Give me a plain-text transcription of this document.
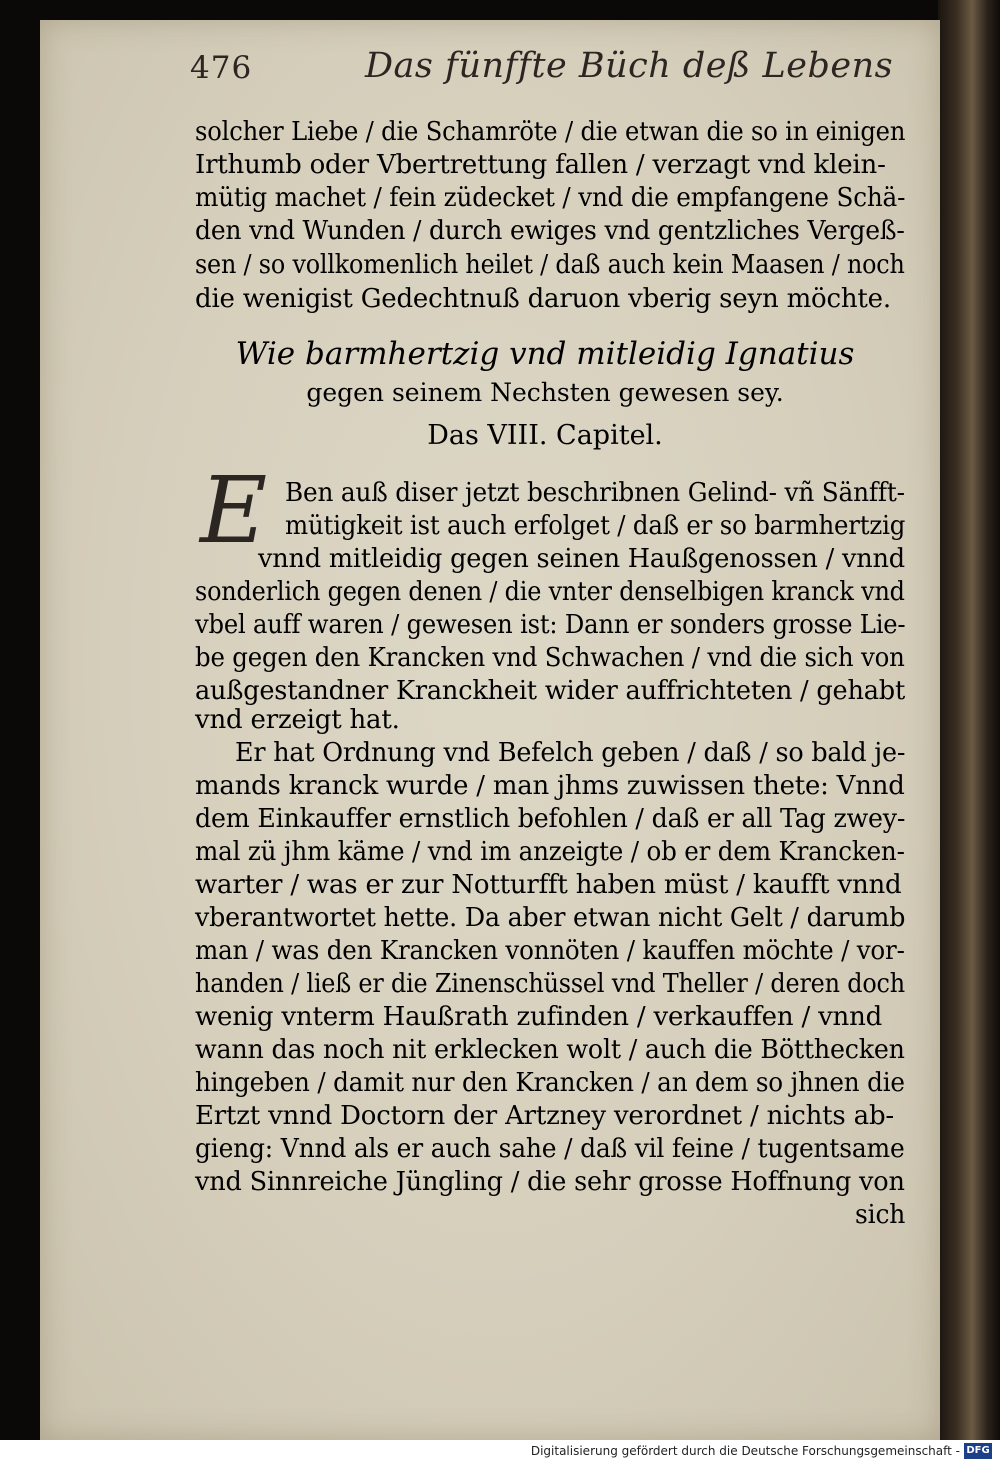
476	Das fünffte Büch deß Lebens
solcher Liebe / die Schamröte / die etwan die so in einigen
Irthumb oder Vbertrettung fallen / verzagt vnd klein-
mütig machet / fein züdecket / vnd die empfangene Schä-
den vnd Wunden / durch ewiges vnd gentzliches Vergeß-
sen / so vollkomenlich heilet / daß auch kein Maasen / noch
die wenigist Gedechtnuß daruon vberig seyn möchte.
Wie barmhertzig vnd mitleidig Ignatius
gegen seinem Nechsten gewesen sey.
Das VIII. Capitel.
E Ben auß diser jetzt beschribnen Gelind- vñ Sänfft-
mütigkeit ist auch erfolget / daß er so barmhertzig
vnnd mitleidig gegen seinen Haußgenossen / vnnd
sonderlich gegen denen / die vnter denselbigen kranck vnd
vbel auff waren / gewesen ist: Dann er sonders grosse Lie-
be gegen den Krancken vnd Schwachen / vnd die sich von
außgestandner Kranckheit wider auffrichteten / gehabt
vnd erzeigt hat.
Er hat Ordnung vnd Befelch geben / daß / so bald je-
mands kranck wurde / man jhms zuwissen thete: Vnnd
dem Einkauffer ernstlich befohlen / daß er all Tag zwey-
mal zü jhm käme / vnd im anzeigte / ob er dem Krancken-
warter / was er zur Notturfft haben müst / kaufft vnnd
vberantwortet hette. Da aber etwan nicht Gelt / darumb
man / was den Krancken vonnöten / kauffen möchte / vor-
handen / ließ er die Zinenschüssel vnd Theller / deren doch
wenig vnterm Haußrath zufinden / verkauffen / vnnd
wann das noch nit erklecken wolt / auch die Bötthecken
hingeben / damit nur den Krancken / an dem so jhnen die
Ertzt vnnd Doctorn der Artzney verordnet / nichts ab-
gieng: Vnnd als er auch sahe / daß vil feine / tugentsame
vnd Sinnreiche Jüngling / die sehr grosse Hoffnung von
sich
Digitalisierung gefördert durch die Deutsche Forschungsgemeinschaft - DFG
